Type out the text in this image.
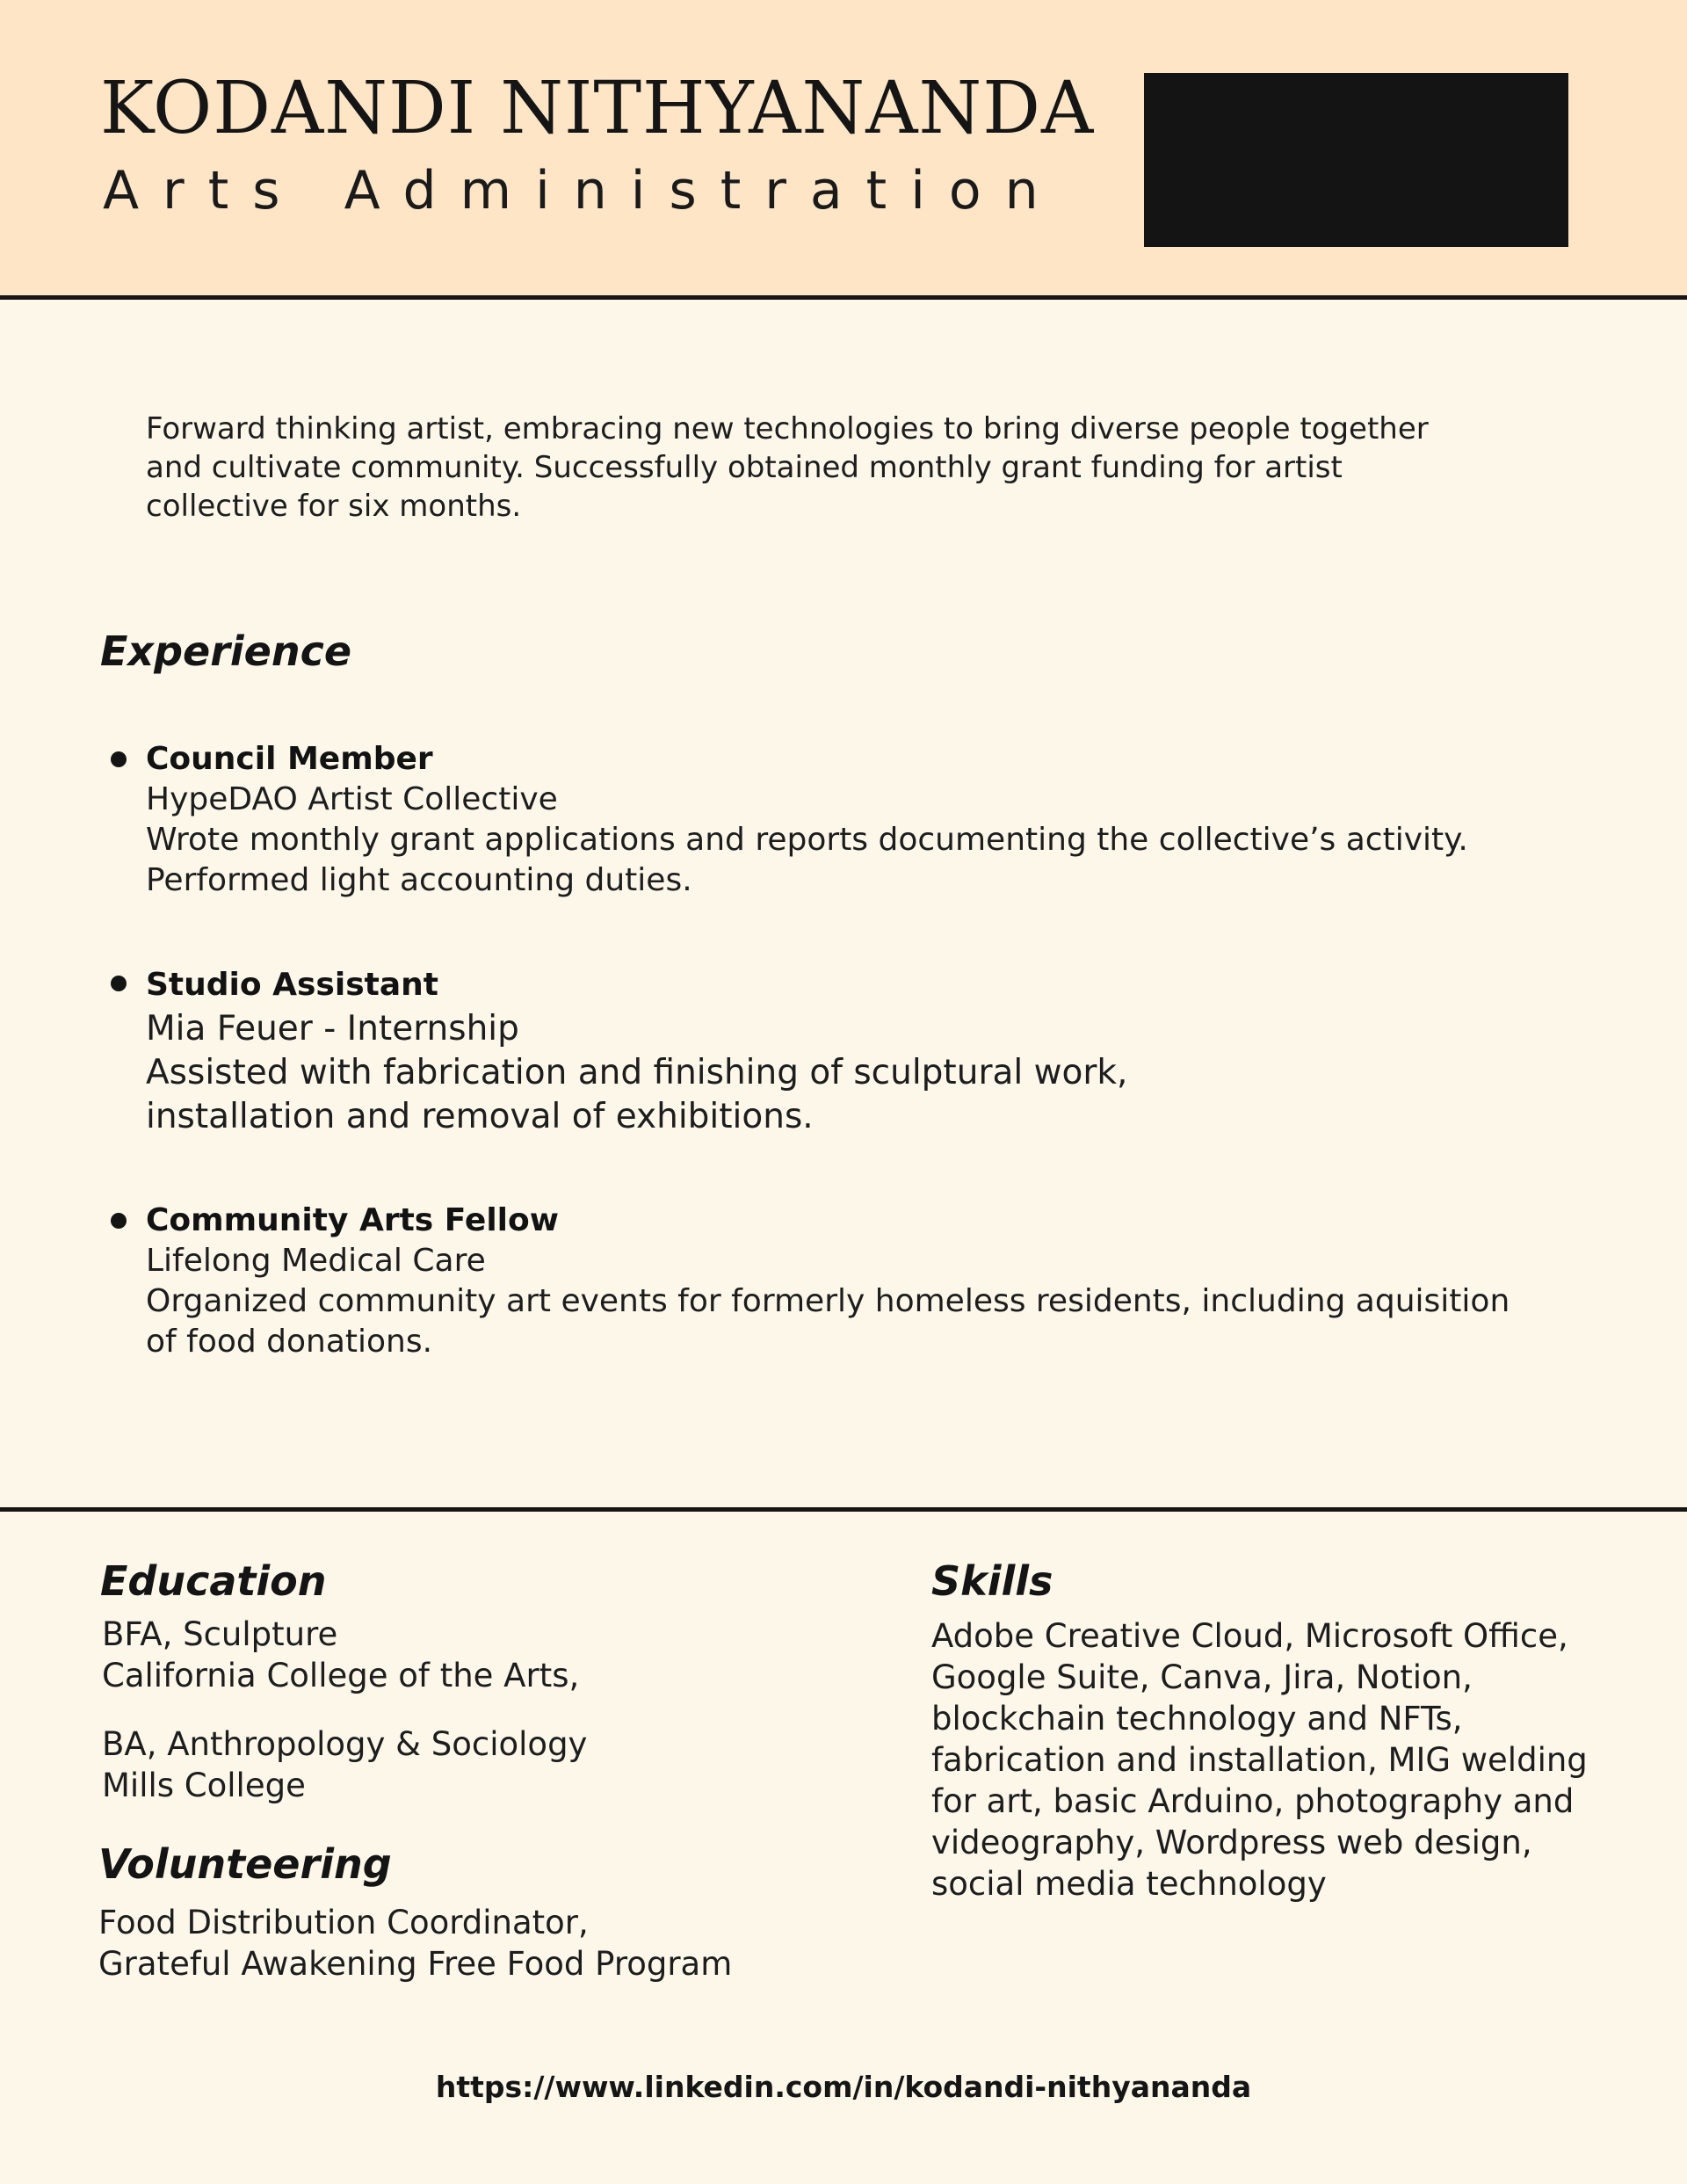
KODANDI NITHYANANDA
Arts Administration

Forward thinking artist, embracing new technologies to bring diverse people together and cultivate community. Successfully obtained monthly grant funding for artist collective for six months.

Experience

Council Member

HypeDAO Artist Collective

Wrote monthly grant applications and reports documenting the collective’s activity. Performed light accounting duties.

Studio Assistant

Mia Feuer - Internship

Assisted with fabrication and finishing of sculptural work, installation and removal of exhibitions.

Community Arts Fellow

Lifelong Medical Care

Organized community art events for formerly homeless residents, including aquisition of food donations.

Education

BFA, Sculpture

California College of the Arts,

BA, Anthropology & Sociology

Mills College

Volunteering

Food Distribution Coordinator,

Grateful Awakening Free Food Program

Skills

Adobe Creative Cloud, Microsoft Office, Google Suite, Canva, Jira, Notion, blockchain technology and NFTs, fabrication and installation, MIG welding for art, basic Arduino, photography and videography, Wordpress web design, social media technology

https://www.linkedin.com/in/kodandi-nithyananda
